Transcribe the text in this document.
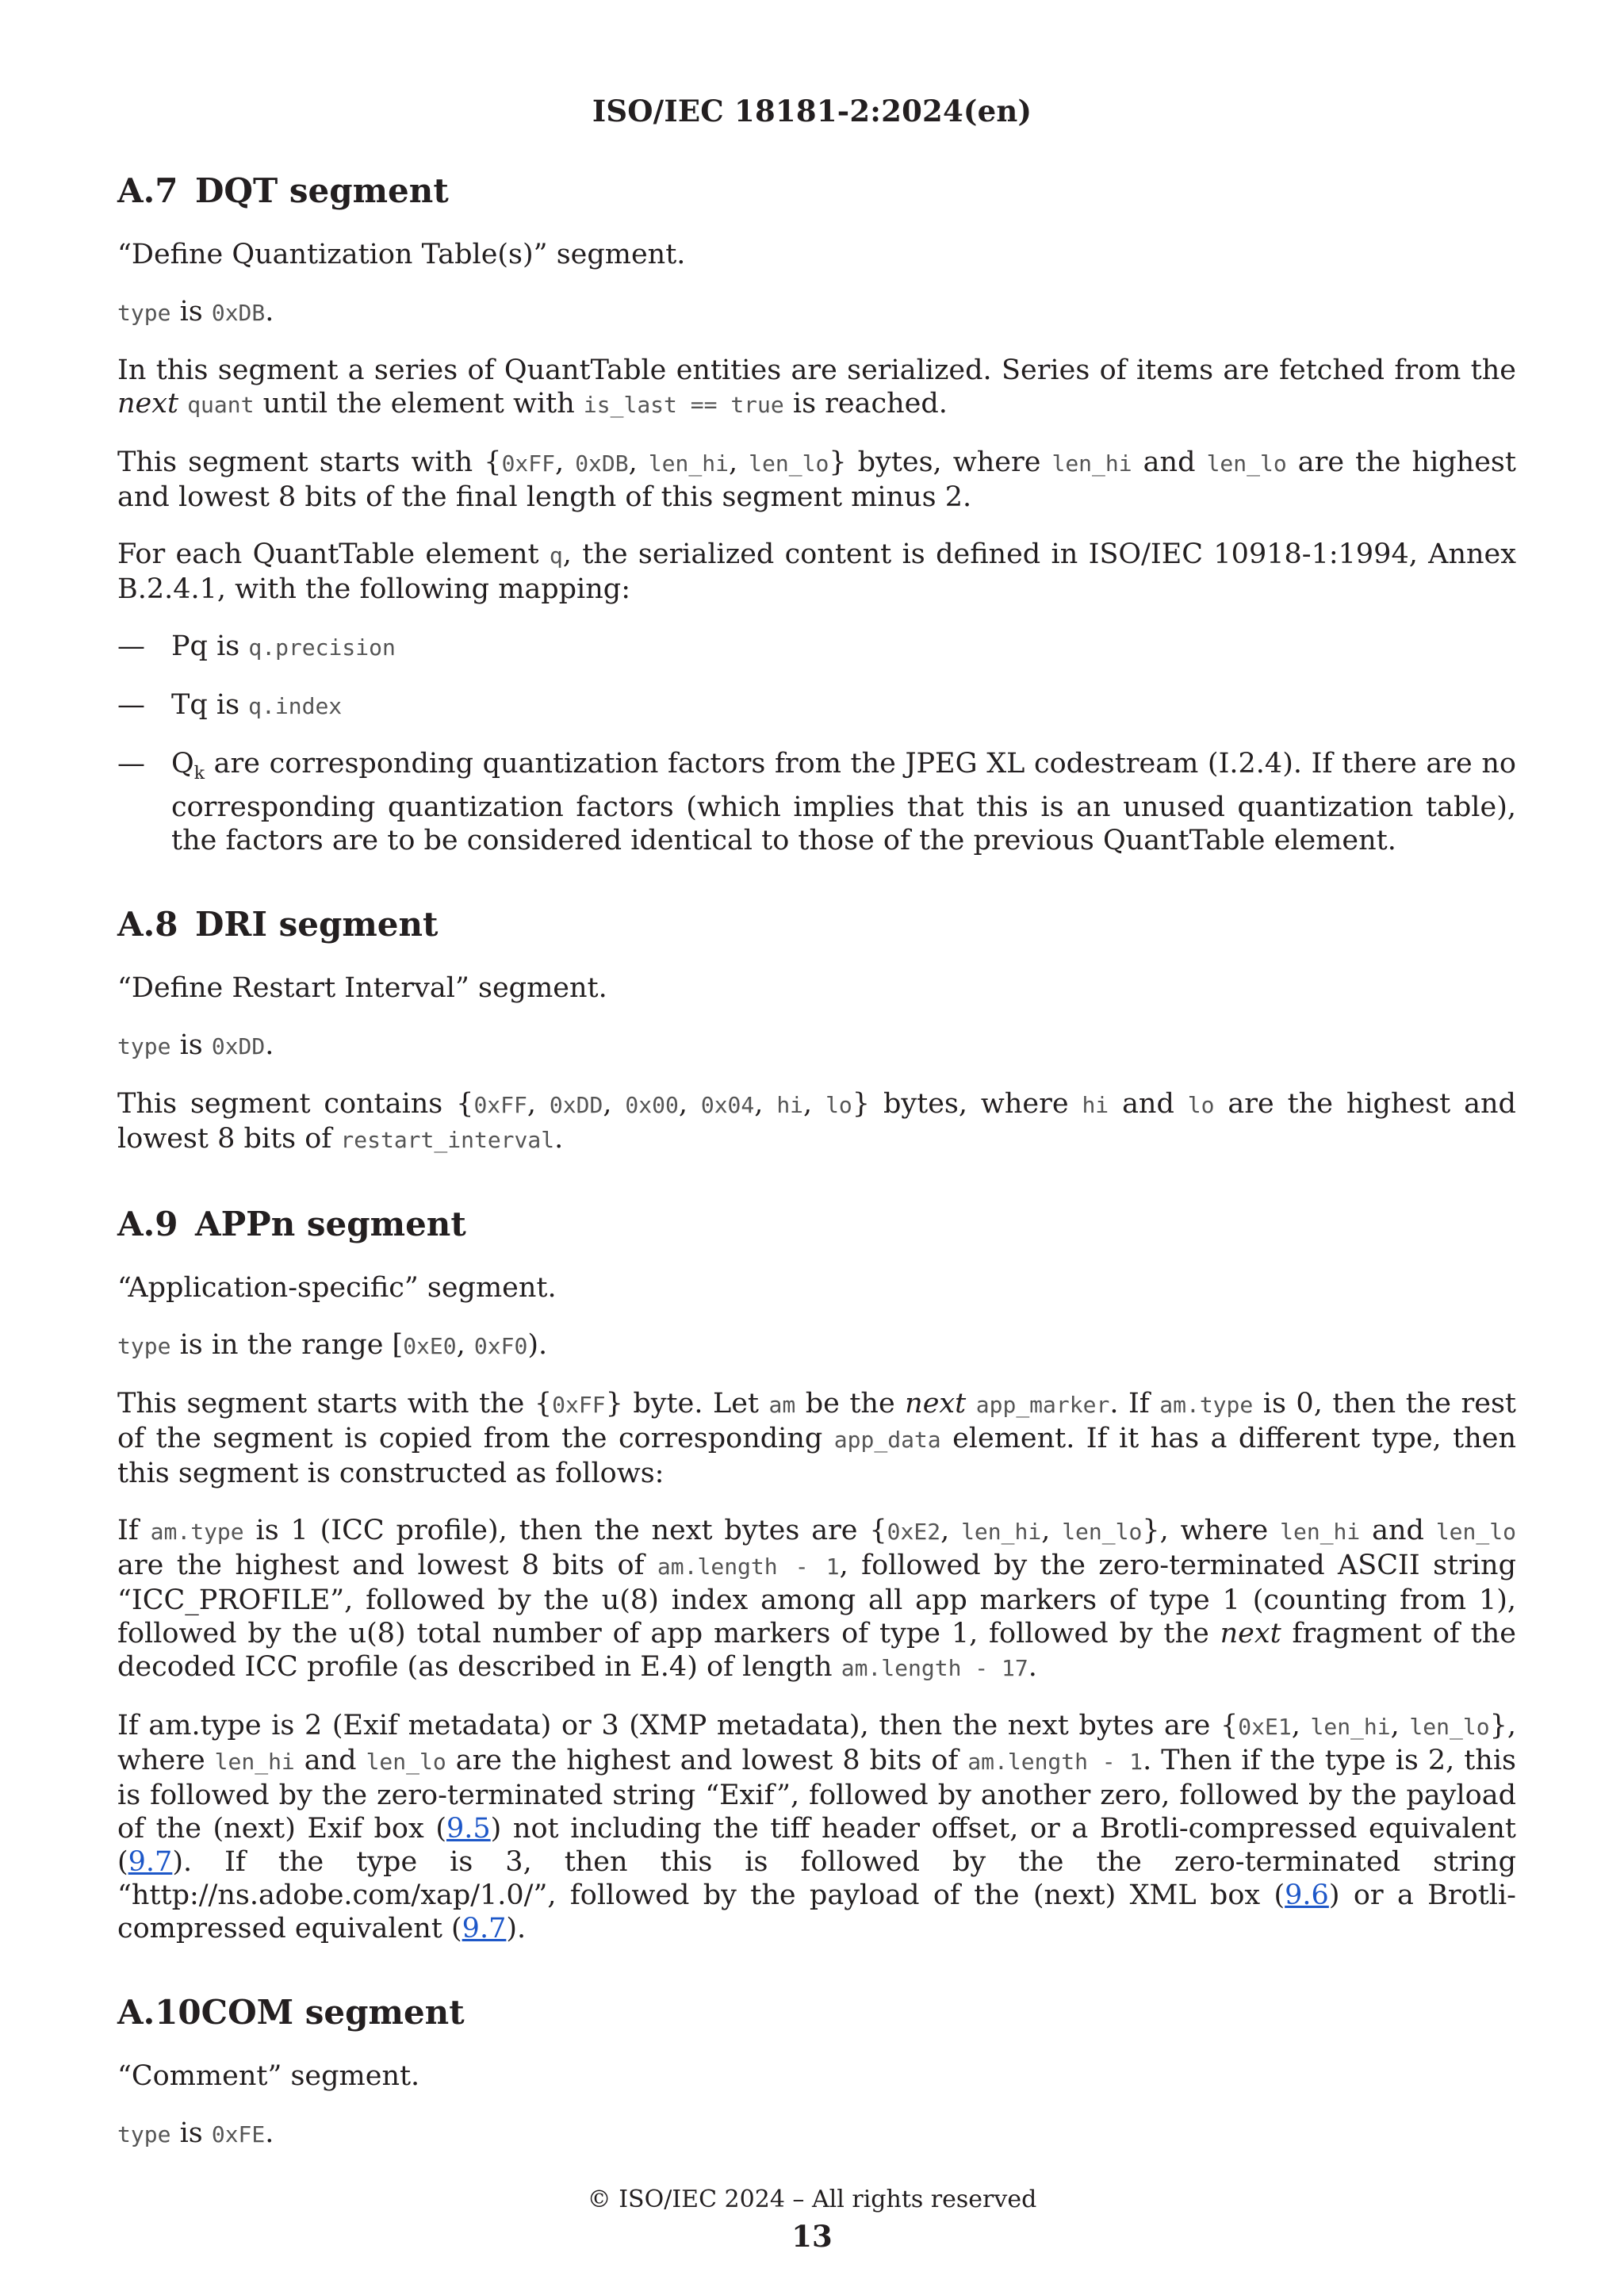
ISO/IEC 18181-2:2024(en)
A.7 DQT segment

“Define Quantization Table(s)” segment.

type is 0xDB.

In this segment a series of QuantTable entities are serialized. Series of items are fetched from the next quant until the element with is_last == true is reached.

This segment starts with {0xFF, 0xDB, len_hi, len_lo} bytes, where len_hi and len_lo are the highest and lowest 8 bits of the final length of this segment minus 2.

For each QuantTable element q, the serialized content is defined in ISO/IEC 10918-1:1994, Annex B.2.4.1, with the following mapping:

— Pq is q.precision
— Tq is q.index
— $Q_k$ are corresponding quantization factors from the JPEG XL codestream (I.2.4). If there are no corresponding quantization factors (which implies that this is an unused quantization table), the factors are to be considered identical to those of the previous QuantTable element.
A.8 DRI segment

“Define Restart Interval” segment.

type is 0xDD.

This segment contains {0xFF, 0xDD, 0x00, 0x04, hi, lo} bytes, where hi and lo are the highest and lowest 8 bits of restart_interval.

A.9 APPn segment

“Application-specific” segment.

type is in the range [0xE0, 0xF0).

This segment starts with the {0xFF} byte. Let am be the next app_marker. If am.type is 0, then the rest of the segment is copied from the corresponding app_data element. If it has a different type, then this segment is constructed as follows:

If am.type is 1 (ICC profile), then the next bytes are {0xE2, len_hi, len_lo}, where len_hi and len_lo are the highest and lowest 8 bits of am.length - 1, followed by the zero-terminated ASCII string “ICC_PROFILE”, followed by the u(8) index among all app markers of type 1 (counting from 1), followed by the u(8) total number of app markers of type 1, followed by the next fragment of the decoded ICC profile (as described in E.4) of length am.length - 17.

If am.type is 2 (Exif metadata) or 3 (XMP metadata), then the next bytes are {0xE1, len_hi, len_lo}, where len_hi and len_lo are the highest and lowest 8 bits of am.length - 1. Then if the type is 2, this is followed by the zero-terminated string “Exif”, followed by another zero, followed by the payload of the (next) Exif box (9.5) not including the tiff header offset, or a Brotli-compressed equivalent (9.7). If the type is 3, then this is followed by the the zero-terminated string “http://ns.adobe.com/xap/1.0/”, followed by the payload of the (next) XML box (9.6) or a Brotli-compressed equivalent (9.7).

A.10COM segment

“Comment” segment.

type is 0xFE.

© ISO/IEC 2024 – All rights reserved
13
